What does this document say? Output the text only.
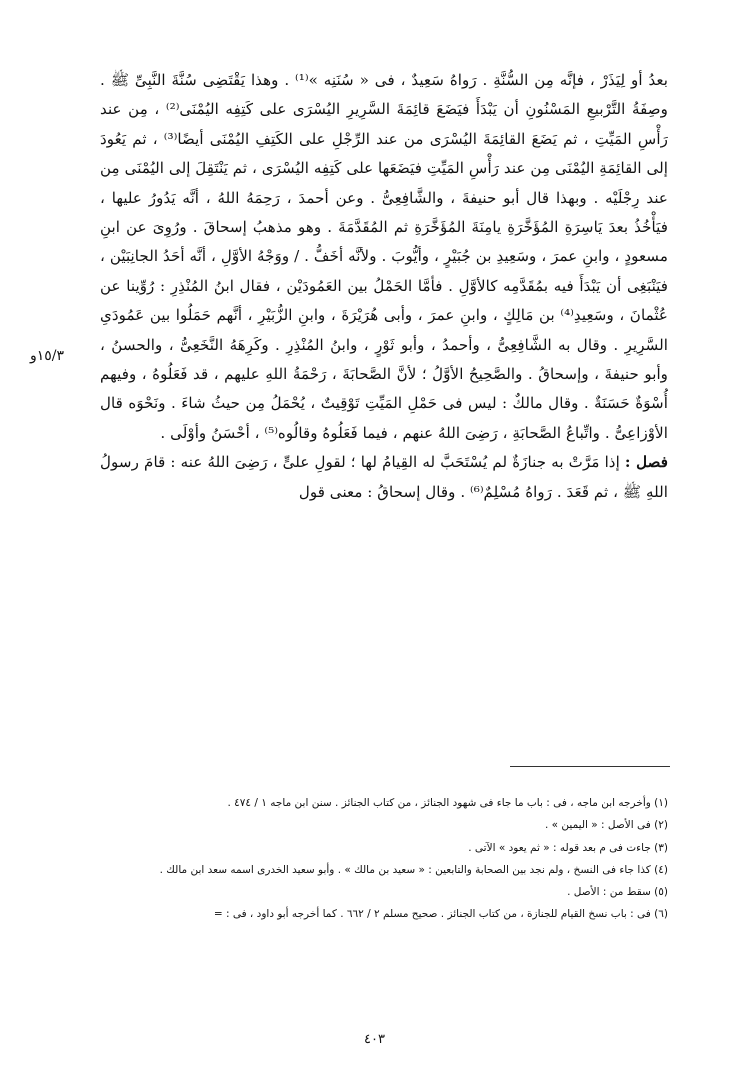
بعدُ أو لِيَذَرْ ، فإنَّه مِن السُّنَّةِ . رَواهُ سَعِيدٌ ، فى « سُنَنِه »⁽¹⁾ . وهذا يَقْتَضِى سُنَّةَ النَّبِىِّ ﷺ . وصِفَةُ التَّرْبيعِ المَسْنُونِ أن يَبْدَأَ فيَضَعَ قائِمَةَ السَّرِيرِ اليُسْرَى على كَتِفِه اليُمْنَى⁽²⁾ ، مِن عند رَأْسِ المَيِّتِ ، ثم يَضَعَ القائِمَةَ اليُسْرَى من عند الرِّجْلِ على الكَتِفِ اليُمْنَى أيضًا⁽³⁾ ، ثم يَعُودَ إلى القائِمَةِ اليُمْنَى مِن عند رَأْسِ المَيِّتِ فيَضَعَها على كَتِفِه اليُسْرَى ، ثم يَنْتَقِلَ إلى اليُمْنَى مِن عند رِجْلَيْه . وبهذا قال أبو حنيفةَ ، والشَّافِعِىُّ . وعن أحمدَ ، رَحِمَهُ اللهُ ، أنَّه يَدُورُ عليها ، فيَأْخُذُ بعدَ يَاسِرَةِ المُؤَخَّرَةِ يامِنَةَ المُؤَخَّرَةِ ثم المُقَدَّمَةَ . وهو مذهبُ إسحاقَ . ورُوِىَ عن ابنِ مسعودٍ ، وابنِ عمرَ ، وسَعِيدِ بن جُبَيْرٍ ، وأيُّوبَ . ولأنَّه أخَفُّ . / ووَجْهُ الأوَّلِ ، أنَّه أحَدُ الجانِبَيْن ، فيَنْبَغِى أن يَبْدَأَ فيه بمُقَدَّمِه كالأوَّلِ . فأمَّا الحَمْلُ بين العَمُودَيْن ، فقال ابنُ المُنْذِرِ : رُوِّينا عن عُثْمانَ ، وسَعِيدِ⁽⁴⁾ بن مَالِكٍ ، وابنِ عمرَ ، وأبى هُرَيْرَةَ ، وابنِ الزُّبَيْرِ ، أنَّهم حَمَلُوا بين عَمُودَىِ السَّرِيرِ . وقال به الشَّافِعِىُّ ، وأحمدُ ، وأبو ثَوْرٍ ، وابنُ المُنْذِرِ . وكَرِهَهُ النَّخَعِىُّ ، والحسنُ ، وأبو حنيفةَ ، وإسحاقُ . والصَّحِيحُ الأوَّلُ ؛ لأنَّ الصَّحابَةَ ، رَحْمَةُ اللهِ عليهم ، قد فَعَلُوهُ ، وفيهم أُسْوَةٌ حَسَنَةٌ . وقال مالكٌ : ليس فى حَمْلِ المَيِّتِ تَوْقِيتٌ ، يُحْمَلُ مِن حيثُ شاءَ . ونَحْوَه قال الأوْزاعِىُّ . واتِّباعُ الصَّحابَةِ ، رَضِىَ اللهُ عنهم ، فيما فَعَلُوهُ وقالُوه⁽⁵⁾ ، أحْسَنُ وأوْلَى .

فصل : إذا مَرَّتْ به جنازَةٌ لم يُسْتَحَبَّ له القِيامُ لها ؛ لقولِ علىٍّ ، رَضِىَ اللهُ عنه : قامَ رسولُ اللهِ ﷺ ، ثم قَعَدَ . رَواهُ مُسْلِمٌ⁽⁶⁾ . وقال إسحاقُ : معنى قول

١٥/٣و
(١) وأخرجه ابن ماجه ، فى : باب ما جاء فى شهود الجنائز ، من كتاب الجنائز . سنن ابن ماجه ١ / ٤٧٤ .
(٢) فى الأصل : « اليمين » .
(٣) جاءت فى م بعد قوله : « ثم يعود » الآتى .
(٤) كذا جاء فى النسخ ، ولم نجد بين الصحابة والتابعين : « سعيد بن مالك » . وأبو سعيد الخدرى اسمه سعد ابن مالك .
(٥) سقط من : الأصل .
(٦) فى : باب نسخ القيام للجنازة ، من كتاب الجنائز . صحيح مسلم ٢ / ٦٦٢ . كما أخرجه أبو داود ، فى : =
٤٠٣
